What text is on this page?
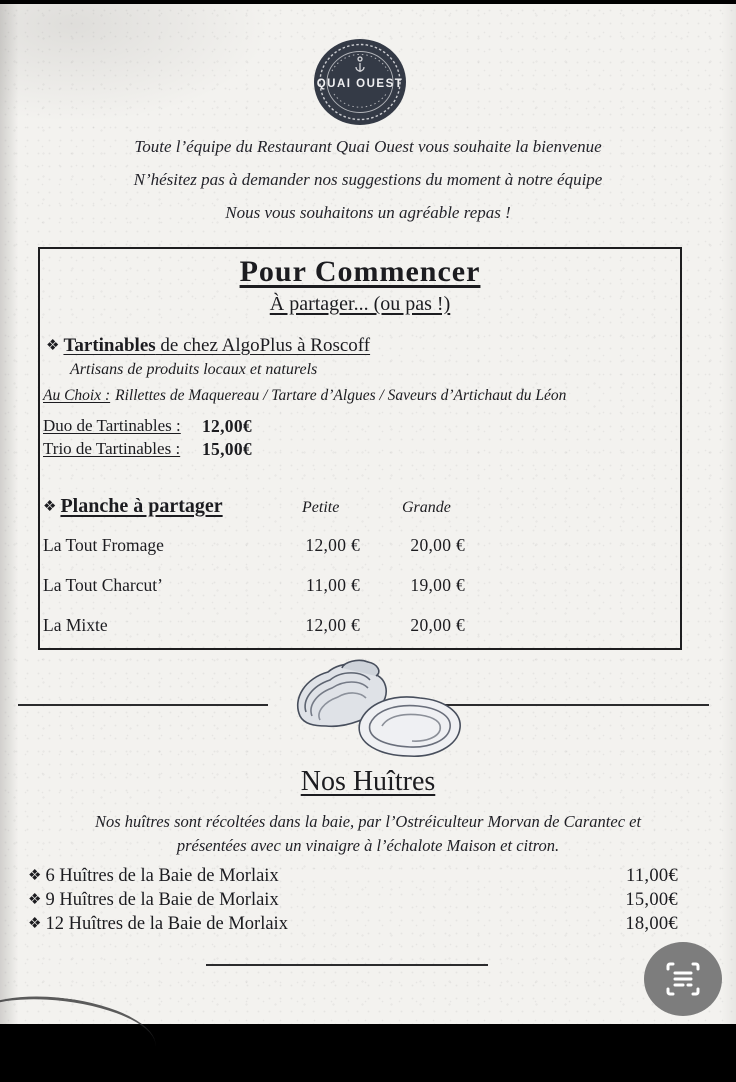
QUAI OUEST
Toute l’équipe du Restaurant Quai Ouest vous souhaite la bienvenue
N’hésitez pas à demander nos suggestions du moment à notre équipe
Nous vous souhaitons un agréable repas !
Pour Commencer
À partager... (ou pas !)
❖ Tartinables de chez AlgoPlus à Roscoff
Artisans de produits locaux et naturels
Au Choix : Rillettes de Maquereau / Tartare d’Algues / Saveurs d’Artichaut du Léon
Duo de Tartinables : 12,00€
Trio de Tartinables : 15,00€
❖ Planche à partager	Petite	Grande
La Tout Fromage	12,00 €	20,00 €
La Tout Charcut’	11,00 €	19,00 €
La Mixte	12,00 €	20,00 €
Nos Huîtres
Nos huîtres sont récoltées dans la baie, par l’Ostréiculteur Morvan de Carantec et
présentées avec un vinaigre à l’échalote Maison et citron.
❖ 6 Huîtres de la Baie de Morlaix	11,00€
❖ 9 Huîtres de la Baie de Morlaix	15,00€
❖ 12 Huîtres de la Baie de Morlaix	18,00€
